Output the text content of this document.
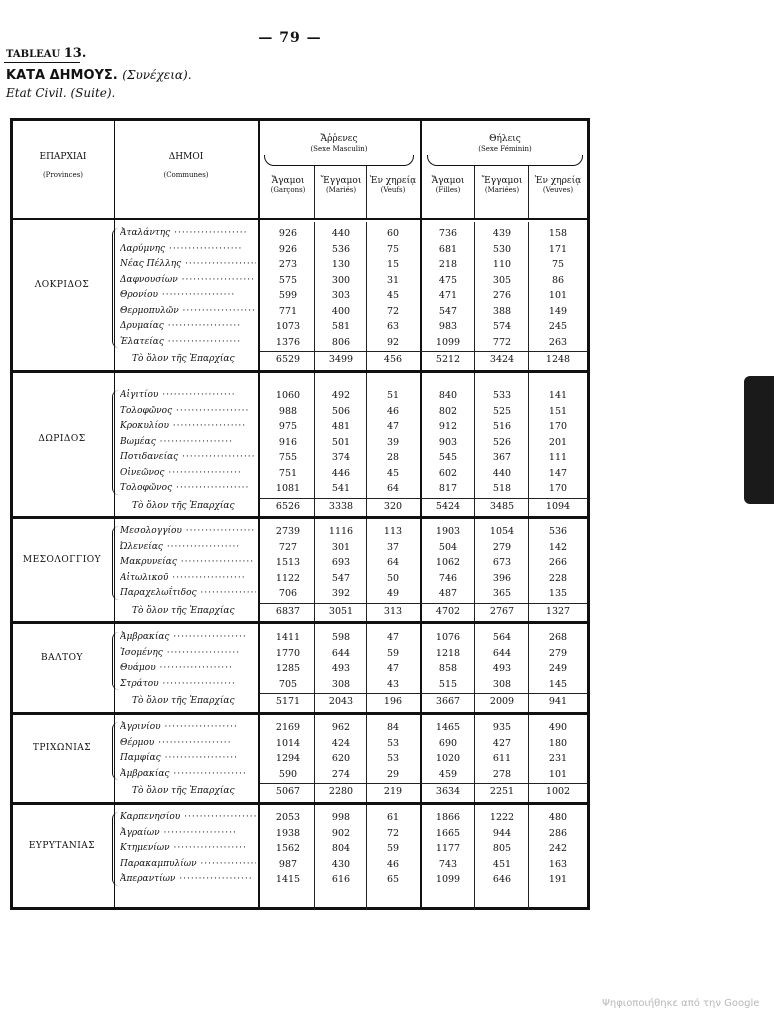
— 79 —
TABLEAU 13.
ΚΑΤΑ ΔΗΜΟΥΣ. (Συνέχεια).
Etat Civil. (Suite).
ΕΠΑΡΧΙΑΙ
(Provinces)
ΔΗΜΟΙ
(Communes)
Ἄῤῥενες
(Sexe Masculin)
Θήλεις
(Sexe Féminin)
Ἄγαμοι
(Garçons)
Ἔγγαμοι
(Mariés)
Ἐν χηρείᾳ
(Veufs)
Ἄγαμοι
(Filles)
Ἔγγαμοι
(Mariées)
Ἐν χηρείᾳ
(Veuves)
ΛΟΚΡΙΔΟΣ
Ἀταλάντης ·····	926	440	60	736	439	158
Λαρύμνης ·····	926	536	75	681	530	171
Νέας Πέλλης ·····	273	130	15	218	110	75
Δαφνουσίων ·····	575	300	31	475	305	86
Θρονίου ·····	599	303	45	471	276	101
Θερμοπυλῶν ·····	771	400	72	547	388	149
Δρυμαίας ·····	1073	581	63	983	574	245
Ἐλατείας ·····	1376	806	92	1099	772	263
Τὸ ὅλον τῆς Ἐπαρχίας	6529	3499	456	5212	3424	1248
ΔΩΡΙΔΟΣ
Αἰγιτίου ·····	1060	492	51	840	533	141
Τολοφῶνος ·····	988	506	46	802	525	151
Κροκυλίου ·····	975	481	47	912	516	170
Βωμέας ·····	916	501	39	903	526	201
Ποτιδανείας ·····	755	374	28	545	367	111
Οἰνεῶνος ·····	751	446	45	602	440	147
Τολοφῶνος ·····	1081	541	64	817	518	170
Τὸ ὅλον τῆς Ἐπαρχίας	6526	3338	320	5424	3485	1094
ΜΕΣΟΛΟΓΓΙΟΥ
Μεσολογγίου ·····	2739	1116	113	1903	1054	536
Ὠλενείας ·····	727	301	37	504	279	142
Μακρυνείας ·····	1513	693	64	1062	673	266
Αἰτωλικοῦ ·····	1122	547	50	746	396	228
Παραχελωΐτιδος ·····	706	392	49	487	365	135
Τὸ ὅλον τῆς Ἐπαρχίας	6837	3051	313	4702	2767	1327
ΒΑΛΤΟΥ
Ἀμβρακίας ·····	1411	598	47	1076	564	268
Ἰσομένης ·····	1770	644	59	1218	644	279
Θυάμου ·····	1285	493	47	858	493	249
Στράτου ·····	705	308	43	515	308	145
Τὸ ὅλον τῆς Ἐπαρχίας	5171	2043	196	3667	2009	941
ΤΡΙΧΩΝΙΑΣ
Ἀγρινίου ·····	2169	962	84	1465	935	490
Θέρμου ·····	1014	424	53	690	427	180
Παμφίας ·····	1294	620	53	1020	611	231
Ἀμβρακίας ·····	590	274	29	459	278	101
Τὸ ὅλον τῆς Ἐπαρχίας	5067	2280	219	3634	2251	1002
ΕΥΡΥΤΑΝΙΑΣ
Καρπενησίου ·····	2053	998	61	1866	1222	480
Ἀγραίων ·····	1938	902	72	1665	944	286
Κτημενίων ·····	1562	804	59	1177	805	242
Παρακαμπυλίων ·····	987	430	46	743	451	163
Ἀπεραντίων ·····	1415	616	65	1099	646	191
Ψηφιοποιήθηκε από την Google
